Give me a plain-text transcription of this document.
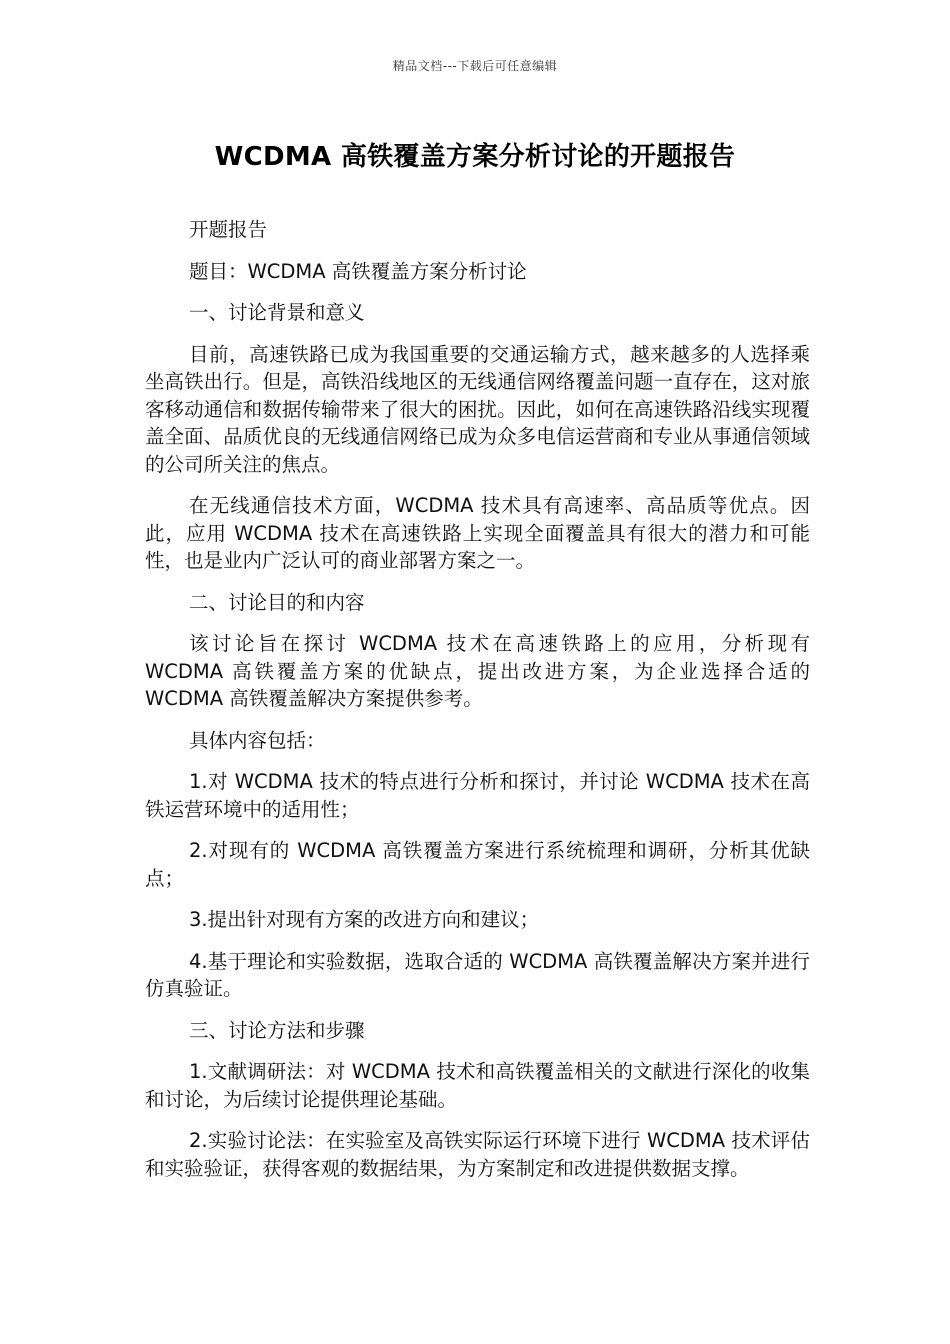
精品文档---下载后可任意编辑
WCDMA 高铁覆盖方案分析讨论的开题报告

开题报告

题目：WCDMA 高铁覆盖方案分析讨论

一、讨论背景和意义

目前，高速铁路已成为我国重要的交通运输方式，越来越多的人选择乘坐高铁出行。但是，高铁沿线地区的无线通信网络覆盖问题一直存在，这对旅客移动通信和数据传输带来了很大的困扰。因此，如何在高速铁路沿线实现覆盖全面、品质优良的无线通信网络已成为众多电信运营商和专业从事通信领域的公司所关注的焦点。

在无线通信技术方面，WCDMA 技术具有高速率、高品质等优点。因此，应用 WCDMA 技术在高速铁路上实现全面覆盖具有很大的潜力和可能性，也是业内广泛认可的商业部署方案之一。

二、讨论目的和内容

该讨论旨在探讨 WCDMA 技术在高速铁路上的应用，分析现有 WCDMA 高铁覆盖方案的优缺点，提出改进方案，为企业选择合适的 WCDMA 高铁覆盖解决方案提供参考。

具体内容包括：

1.对 WCDMA 技术的特点进行分析和探讨，并讨论 WCDMA 技术在高铁运营环境中的适用性；

2.对现有的 WCDMA 高铁覆盖方案进行系统梳理和调研，分析其优缺点；

3.提出针对现有方案的改进方向和建议；

4.基于理论和实验数据，选取合适的 WCDMA 高铁覆盖解决方案并进行仿真验证。

三、讨论方法和步骤

1.文献调研法：对 WCDMA 技术和高铁覆盖相关的文献进行深化的收集和讨论，为后续讨论提供理论基础。

2.实验讨论法：在实验室及高铁实际运行环境下进行 WCDMA 技术评估和实验验证，获得客观的数据结果，为方案制定和改进提供数据支撑。
